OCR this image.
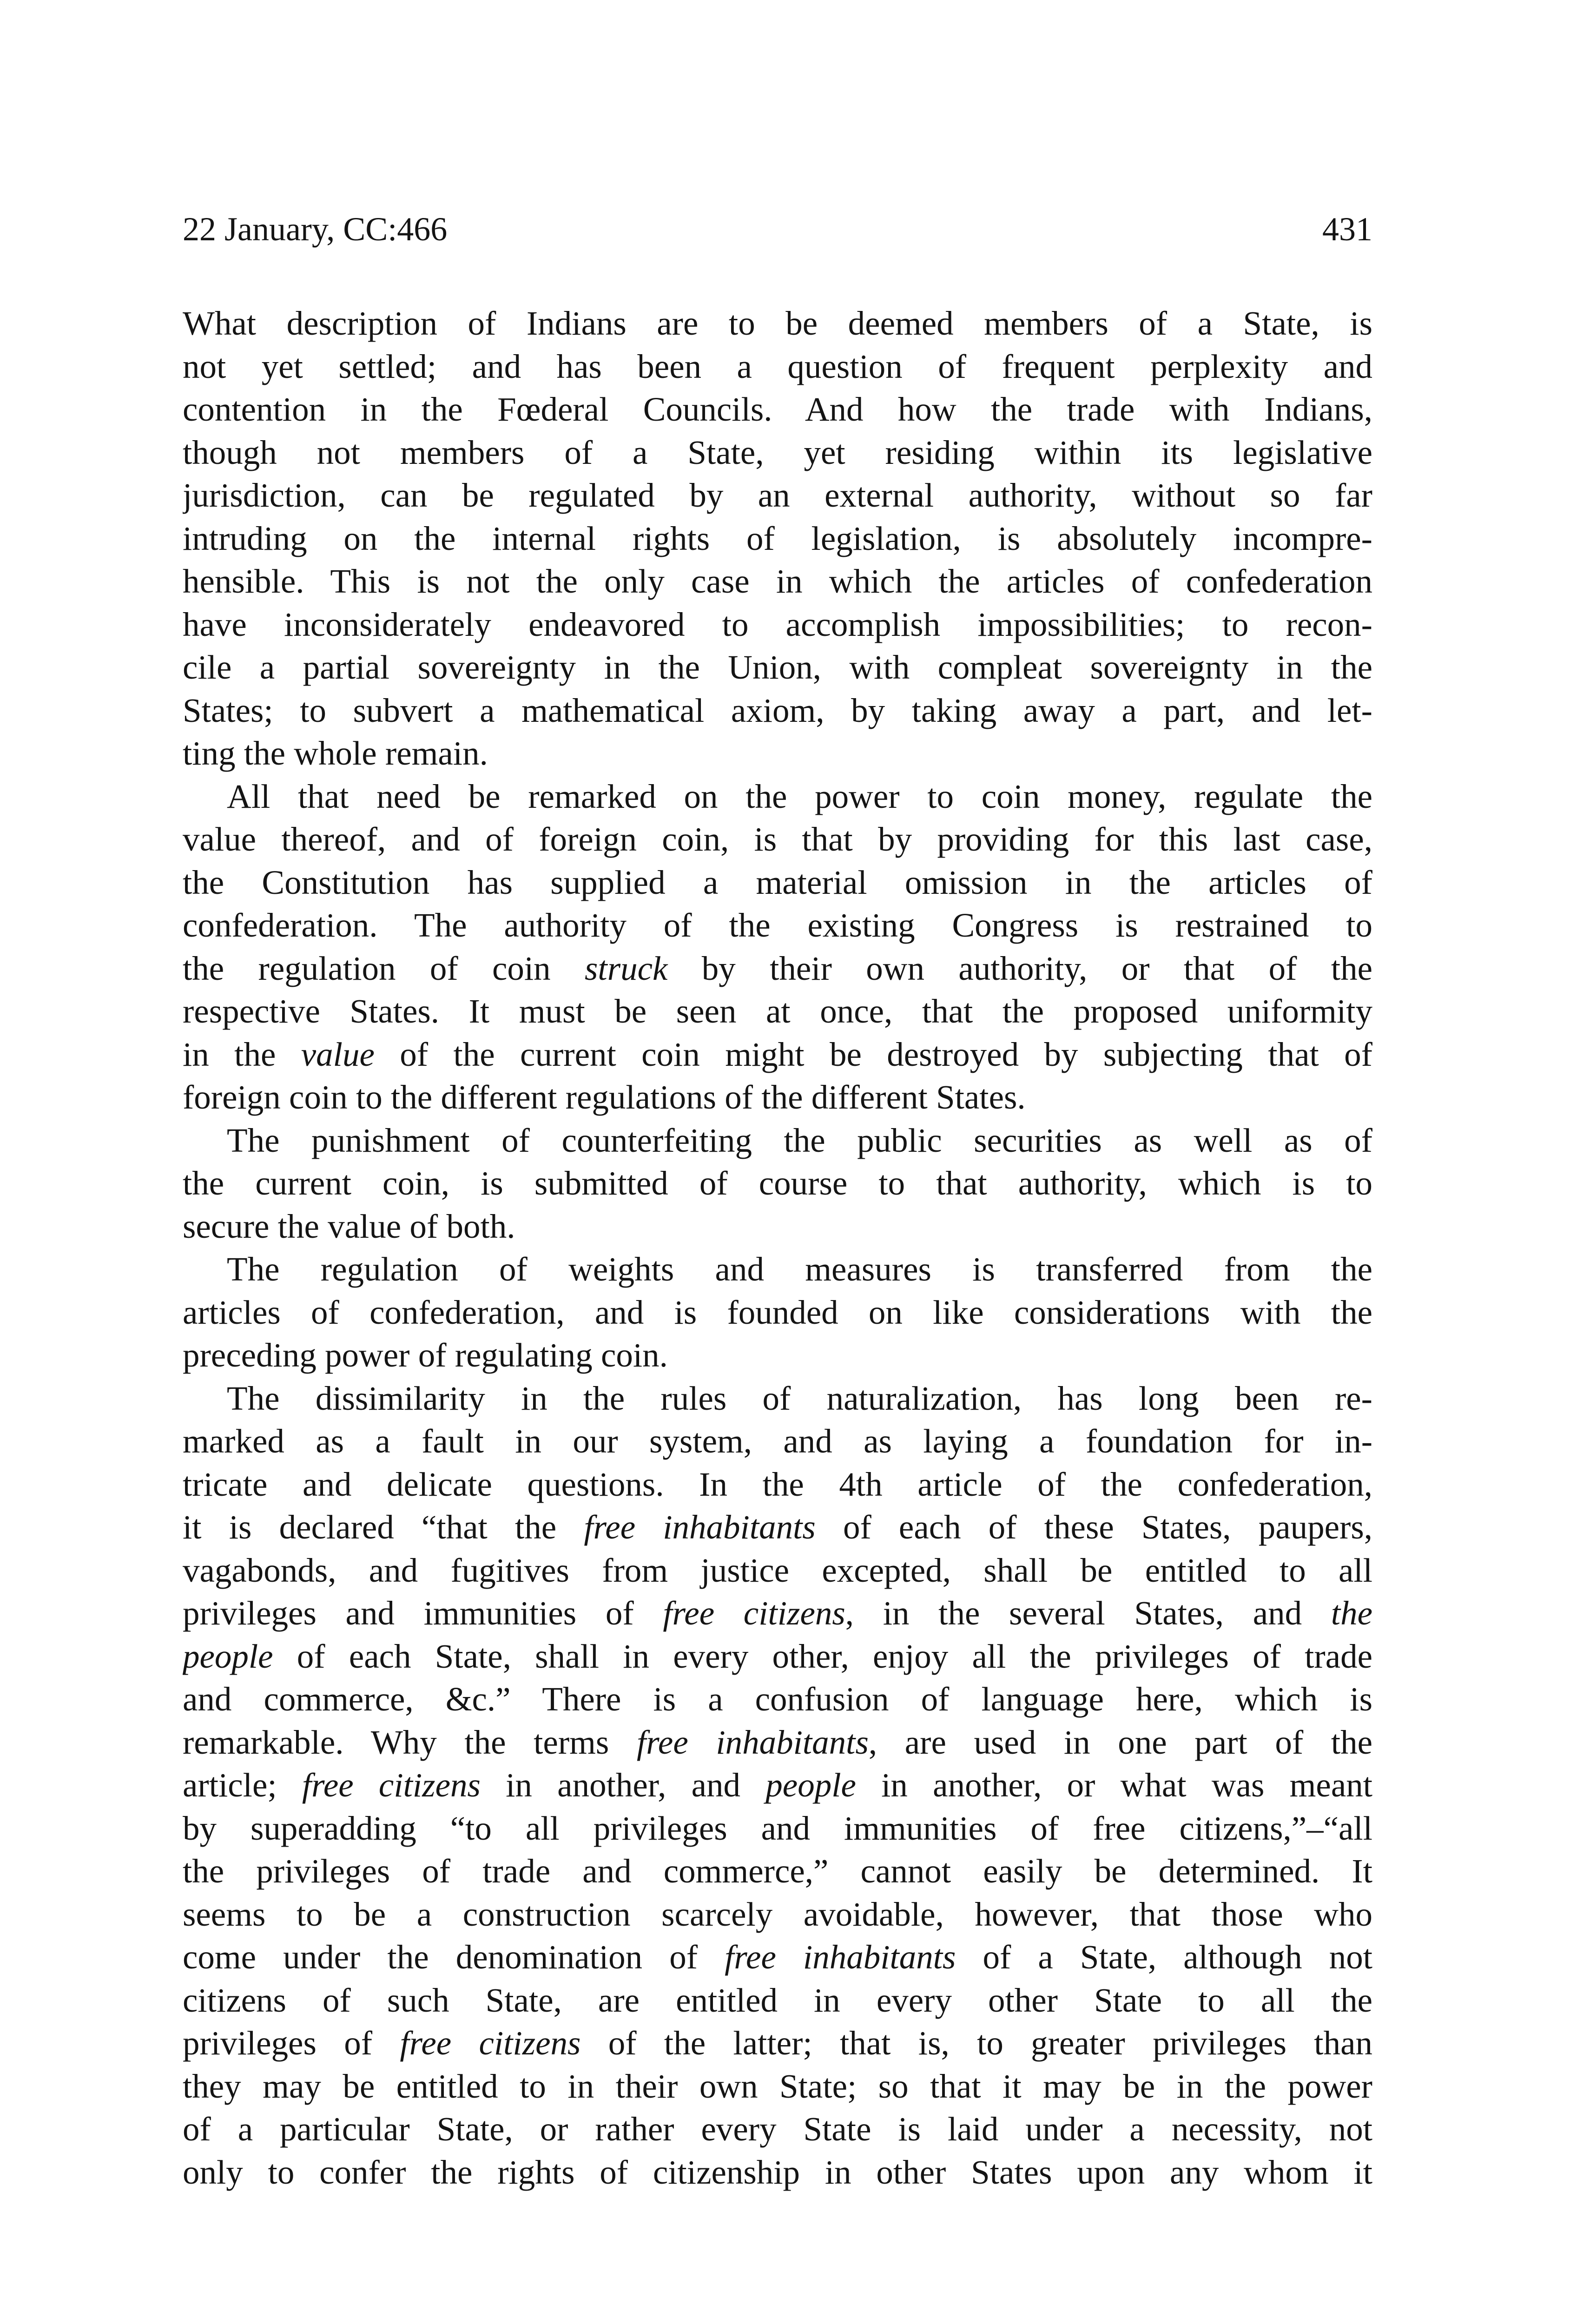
22 January, CC:466	431
What description of Indians are to be deemed members of a State, is
not yet settled; and has been a question of frequent perplexity and
contention in the Fœderal Councils. And how the trade with Indians,
though not members of a State, yet residing within its legislative
jurisdiction, can be regulated by an external authority, without so far
intruding on the internal rights of legislation, is absolutely incompre-
hensible. This is not the only case in which the articles of confederation
have inconsiderately endeavored to accomplish impossibilities; to recon-
cile a partial sovereignty in the Union, with compleat sovereignty in the
States; to subvert a mathematical axiom, by taking away a part, and let-
ting the whole remain.
All that need be remarked on the power to coin money, regulate the
value thereof, and of foreign coin, is that by providing for this last case,
the Constitution has supplied a material omission in the articles of
confederation. The authority of the existing Congress is restrained to
the regulation of coin struck by their own authority, or that of the
respective States. It must be seen at once, that the proposed uniformity
in the value of the current coin might be destroyed by subjecting that of
foreign coin to the different regulations of the different States.
The punishment of counterfeiting the public securities as well as of
the current coin, is submitted of course to that authority, which is to
secure the value of both.
The regulation of weights and measures is transferred from the
articles of confederation, and is founded on like considerations with the
preceding power of regulating coin.
The dissimilarity in the rules of naturalization, has long been re-
marked as a fault in our system, and as laying a foundation for in-
tricate and delicate questions. In the 4th article of the confederation,
it is declared “that the free inhabitants of each of these States, paupers,
vagabonds, and fugitives from justice excepted, shall be entitled to all
privileges and immunities of free citizens, in the several States, and the
people of each State, shall in every other, enjoy all the privileges of trade
and commerce, &c.” There is a confusion of language here, which is
remarkable. Why the terms free inhabitants, are used in one part of the
article; free citizens in another, and people in another, or what was meant
by superadding “to all privileges and immunities of free citizens,”–“all
the privileges of trade and commerce,” cannot easily be determined. It
seems to be a construction scarcely avoidable, however, that those who
come under the denomination of free inhabitants of a State, although not
citizens of such State, are entitled in every other State to all the
privileges of free citizens of the latter; that is, to greater privileges than
they may be entitled to in their own State; so that it may be in the power
of a particular State, or rather every State is laid under a necessity, not
only to confer the rights of citizenship in other States upon any whom it
